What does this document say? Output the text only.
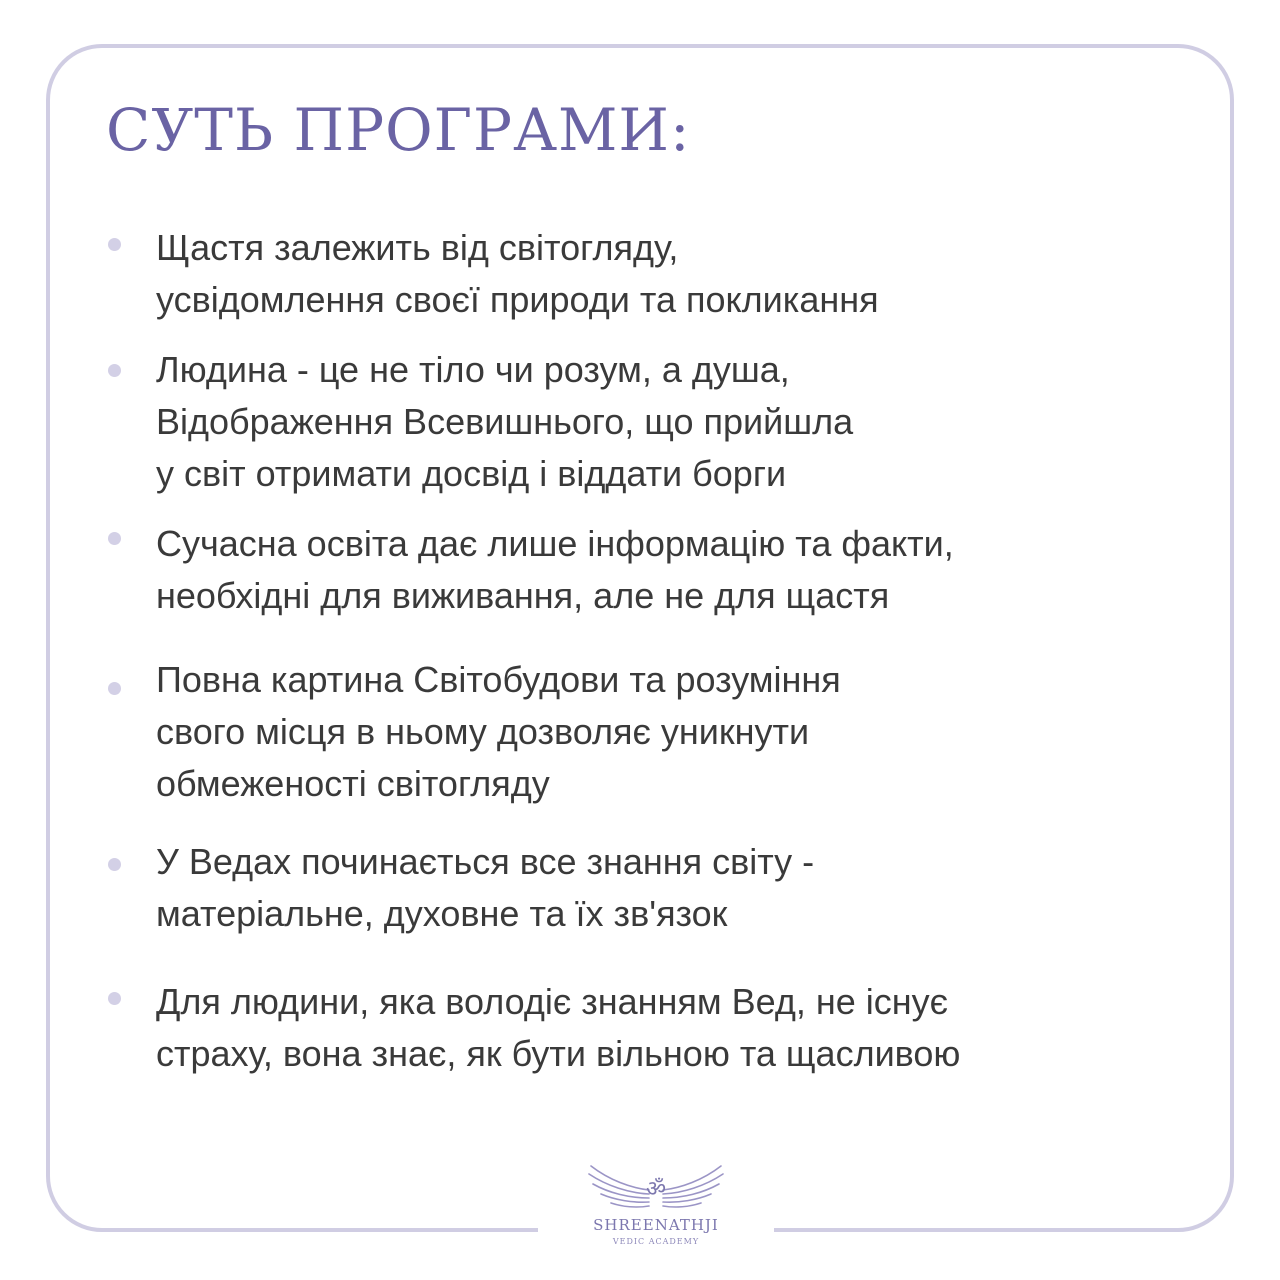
СУТЬ ПРОГРАМИ:
Щастя залежить від світогляду,
усвідомлення своєї природи та покликання
Людина - це не тіло чи розум, а душа,
Відображення Всевишнього, що прийшла
у світ отримати досвід і віддати борги
Сучасна освіта дає лише інформацію та факти,
необхідні для виживання, але не для щастя
Повна картина Світобудови та розуміння
свого місця в ньому дозволяє уникнути
обмеженості світогляду
У Ведах починається все знання світу -
матеріальне, духовне та їх зв'язок
Для людини, яка володіє знанням Вед, не існує
страху, вона знає, як бути вільною та щасливою
ॐ
SHREENATHJI
VEDIC ACADEMY
